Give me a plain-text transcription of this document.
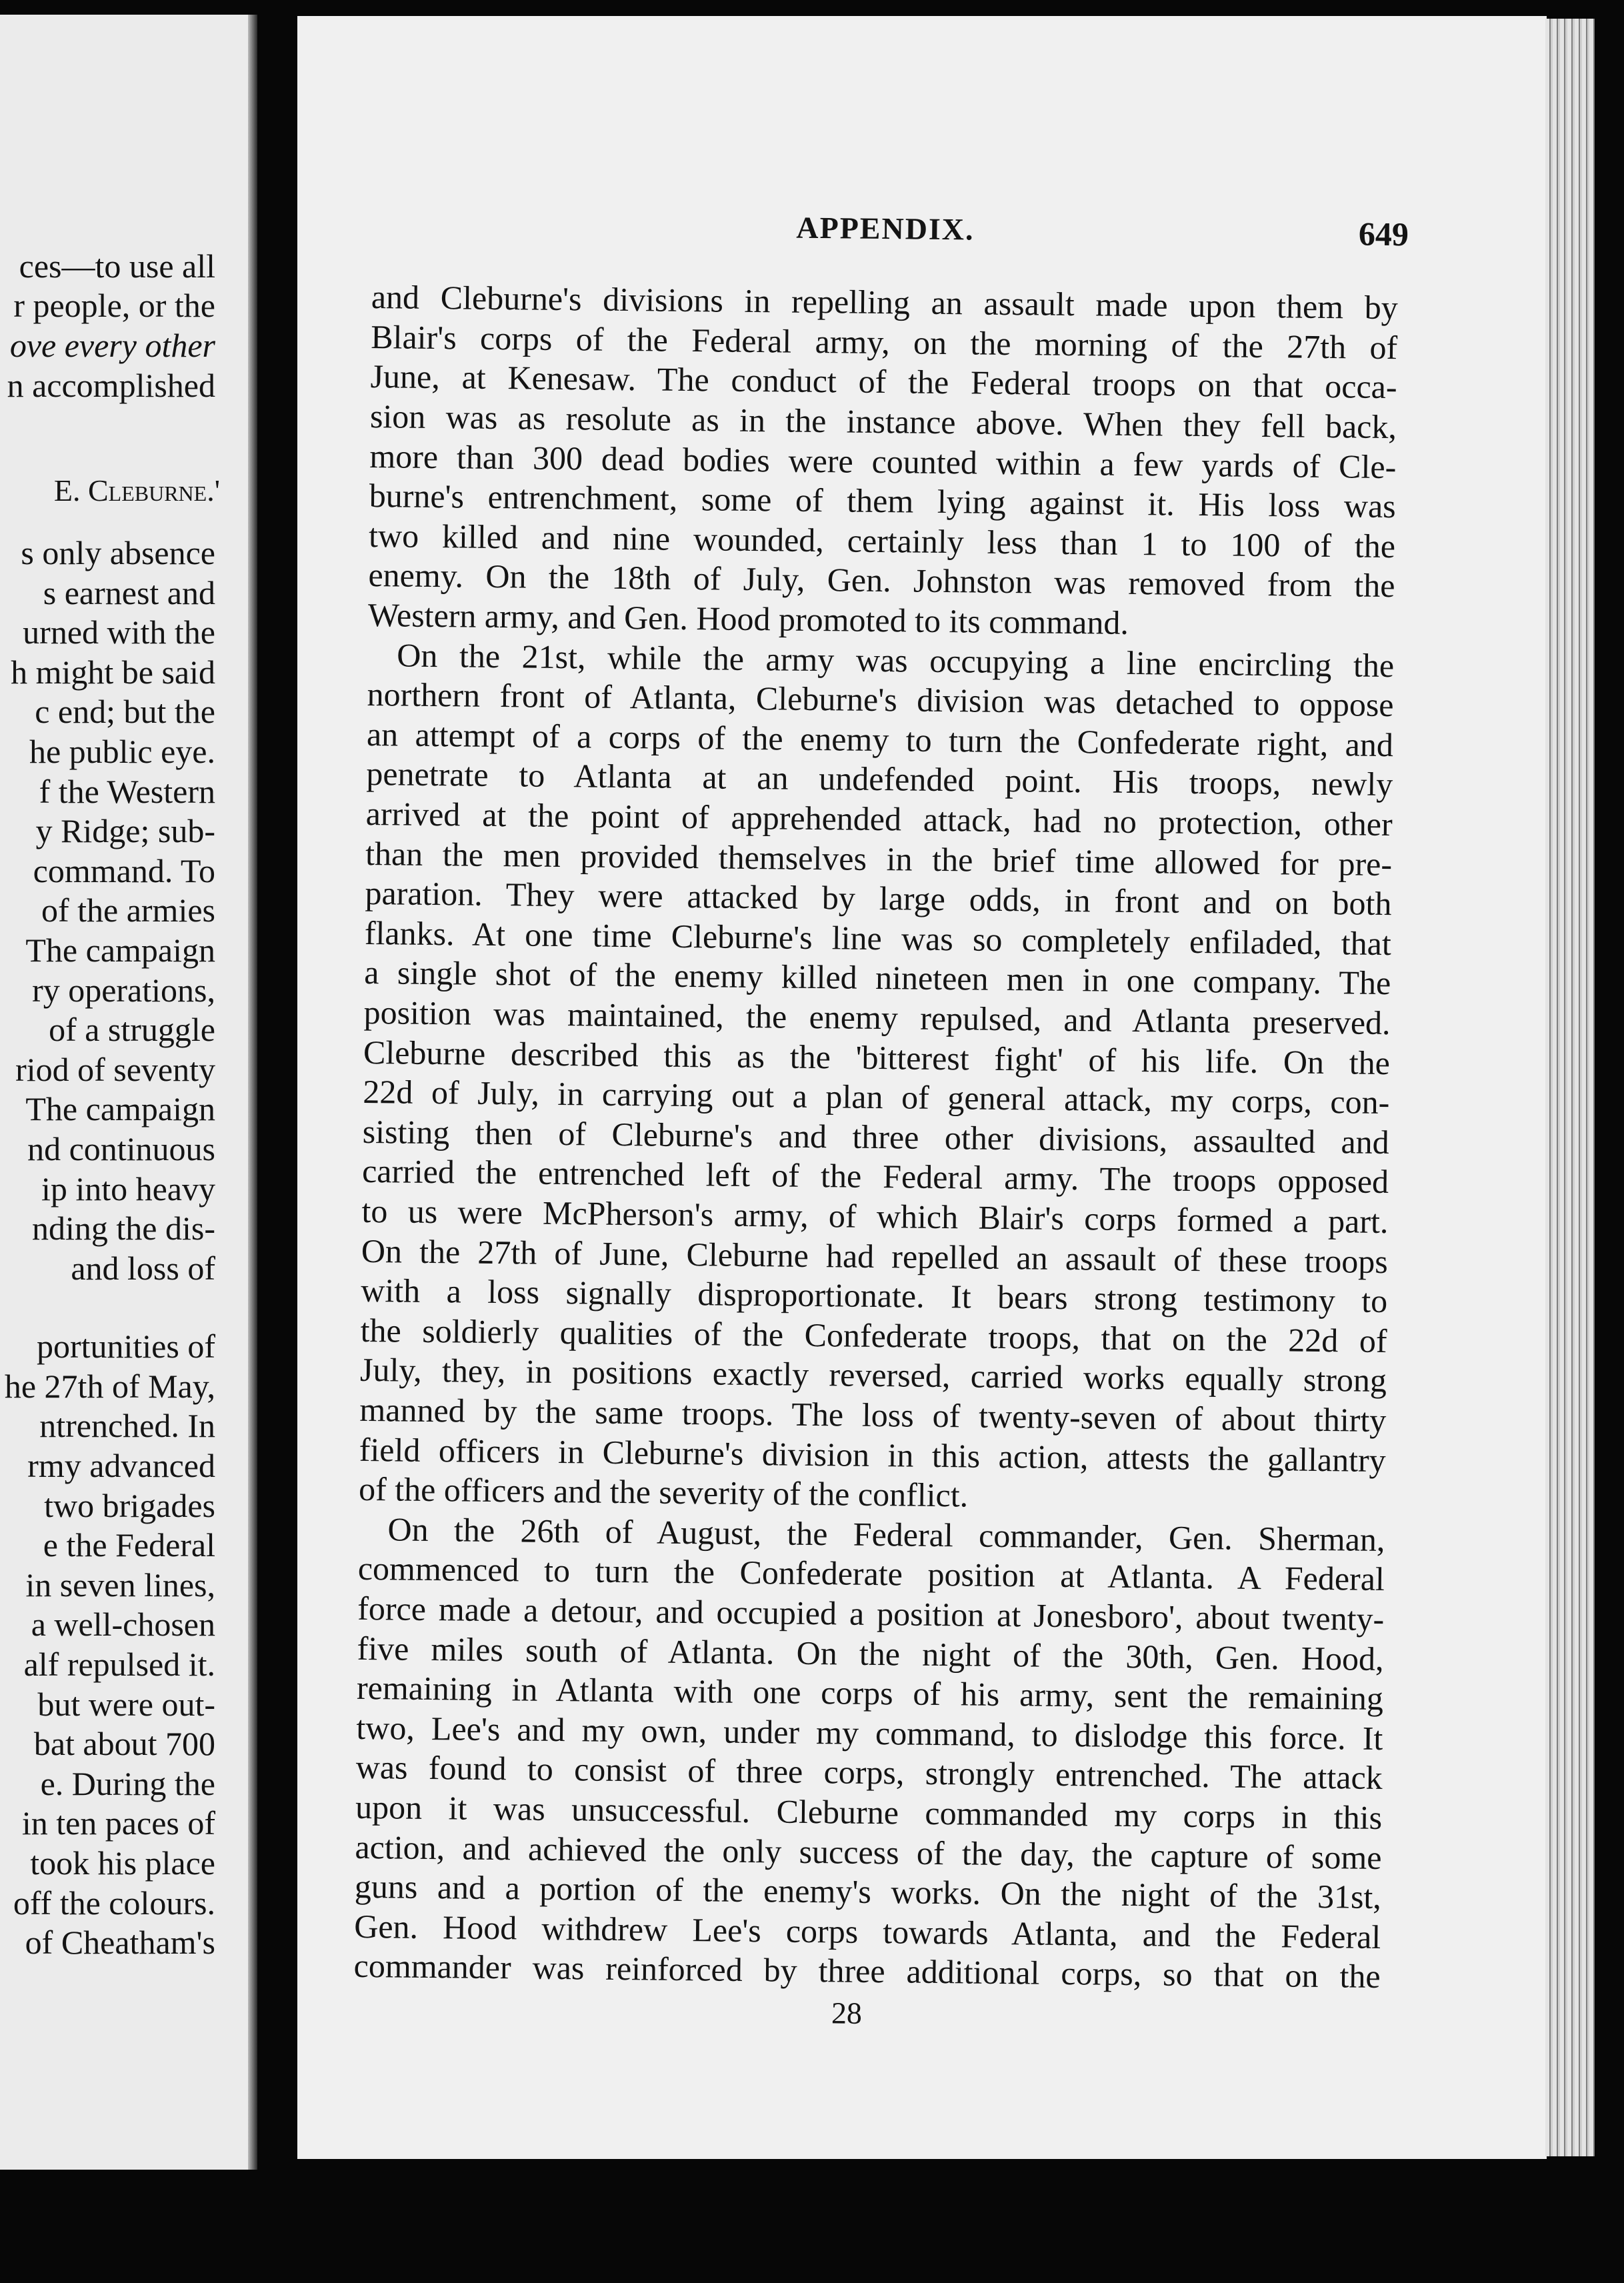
ces—to use all
r people, or the
ove every other
n accomplished
E. Cleburne.'
s only absence
s earnest and
urned with the
h might be said
c end; but the
he public eye.
f the Western
y Ridge; sub-
command. To
of the armies
The campaign
ry operations,
of a struggle
riod of seventy
The campaign
nd continuous
ip into heavy
nding the dis-
and loss of
portunities of
he 27th of May,
ntrenched. In
rmy advanced
two brigades
e the Federal
in seven lines,
a well-chosen
alf repulsed it.
but were out-
bat about 700
e. During the
in ten paces of
took his place
off the colours.
of Cheatham's
APPENDIX.	649
and Cleburne's divisions in repelling an assault made upon them by
Blair's corps of the Federal army, on the morning of the 27th of
June, at Kenesaw. The conduct of the Federal troops on that occa-
sion was as resolute as in the instance above. When they fell back,
more than 300 dead bodies were counted within a few yards of Cle-
burne's entrenchment, some of them lying against it. His loss was
two killed and nine wounded, certainly less than 1 to 100 of the
enemy. On the 18th of July, Gen. Johnston was removed from the
Western army, and Gen. Hood promoted to its command.
On the 21st, while the army was occupying a line encircling the
northern front of Atlanta, Cleburne's division was detached to oppose
an attempt of a corps of the enemy to turn the Confederate right, and
penetrate to Atlanta at an undefended point. His troops, newly
arrived at the point of apprehended attack, had no protection, other
than the men provided themselves in the brief time allowed for pre-
paration. They were attacked by large odds, in front and on both
flanks. At one time Cleburne's line was so completely enfiladed, that
a single shot of the enemy killed nineteen men in one company. The
position was maintained, the enemy repulsed, and Atlanta preserved.
Cleburne described this as the 'bitterest fight' of his life. On the
22d of July, in carrying out a plan of general attack, my corps, con-
sisting then of Cleburne's and three other divisions, assaulted and
carried the entrenched left of the Federal army. The troops opposed
to us were McPherson's army, of which Blair's corps formed a part.
On the 27th of June, Cleburne had repelled an assault of these troops
with a loss signally disproportionate. It bears strong testimony to
the soldierly qualities of the Confederate troops, that on the 22d of
July, they, in positions exactly reversed, carried works equally strong
manned by the same troops. The loss of twenty-seven of about thirty
field officers in Cleburne's division in this action, attests the gallantry
of the officers and the severity of the conflict.
On the 26th of August, the Federal commander, Gen. Sherman,
commenced to turn the Confederate position at Atlanta. A Federal
force made a detour, and occupied a position at Jonesboro', about twenty-
five miles south of Atlanta. On the night of the 30th, Gen. Hood,
remaining in Atlanta with one corps of his army, sent the remaining
two, Lee's and my own, under my command, to dislodge this force. It
was found to consist of three corps, strongly entrenched. The attack
upon it was unsuccessful. Cleburne commanded my corps in this
action, and achieved the only success of the day, the capture of some
guns and a portion of the enemy's works. On the night of the 31st,
Gen. Hood withdrew Lee's corps towards Atlanta, and the Federal
commander was reinforced by three additional corps, so that on the
28
